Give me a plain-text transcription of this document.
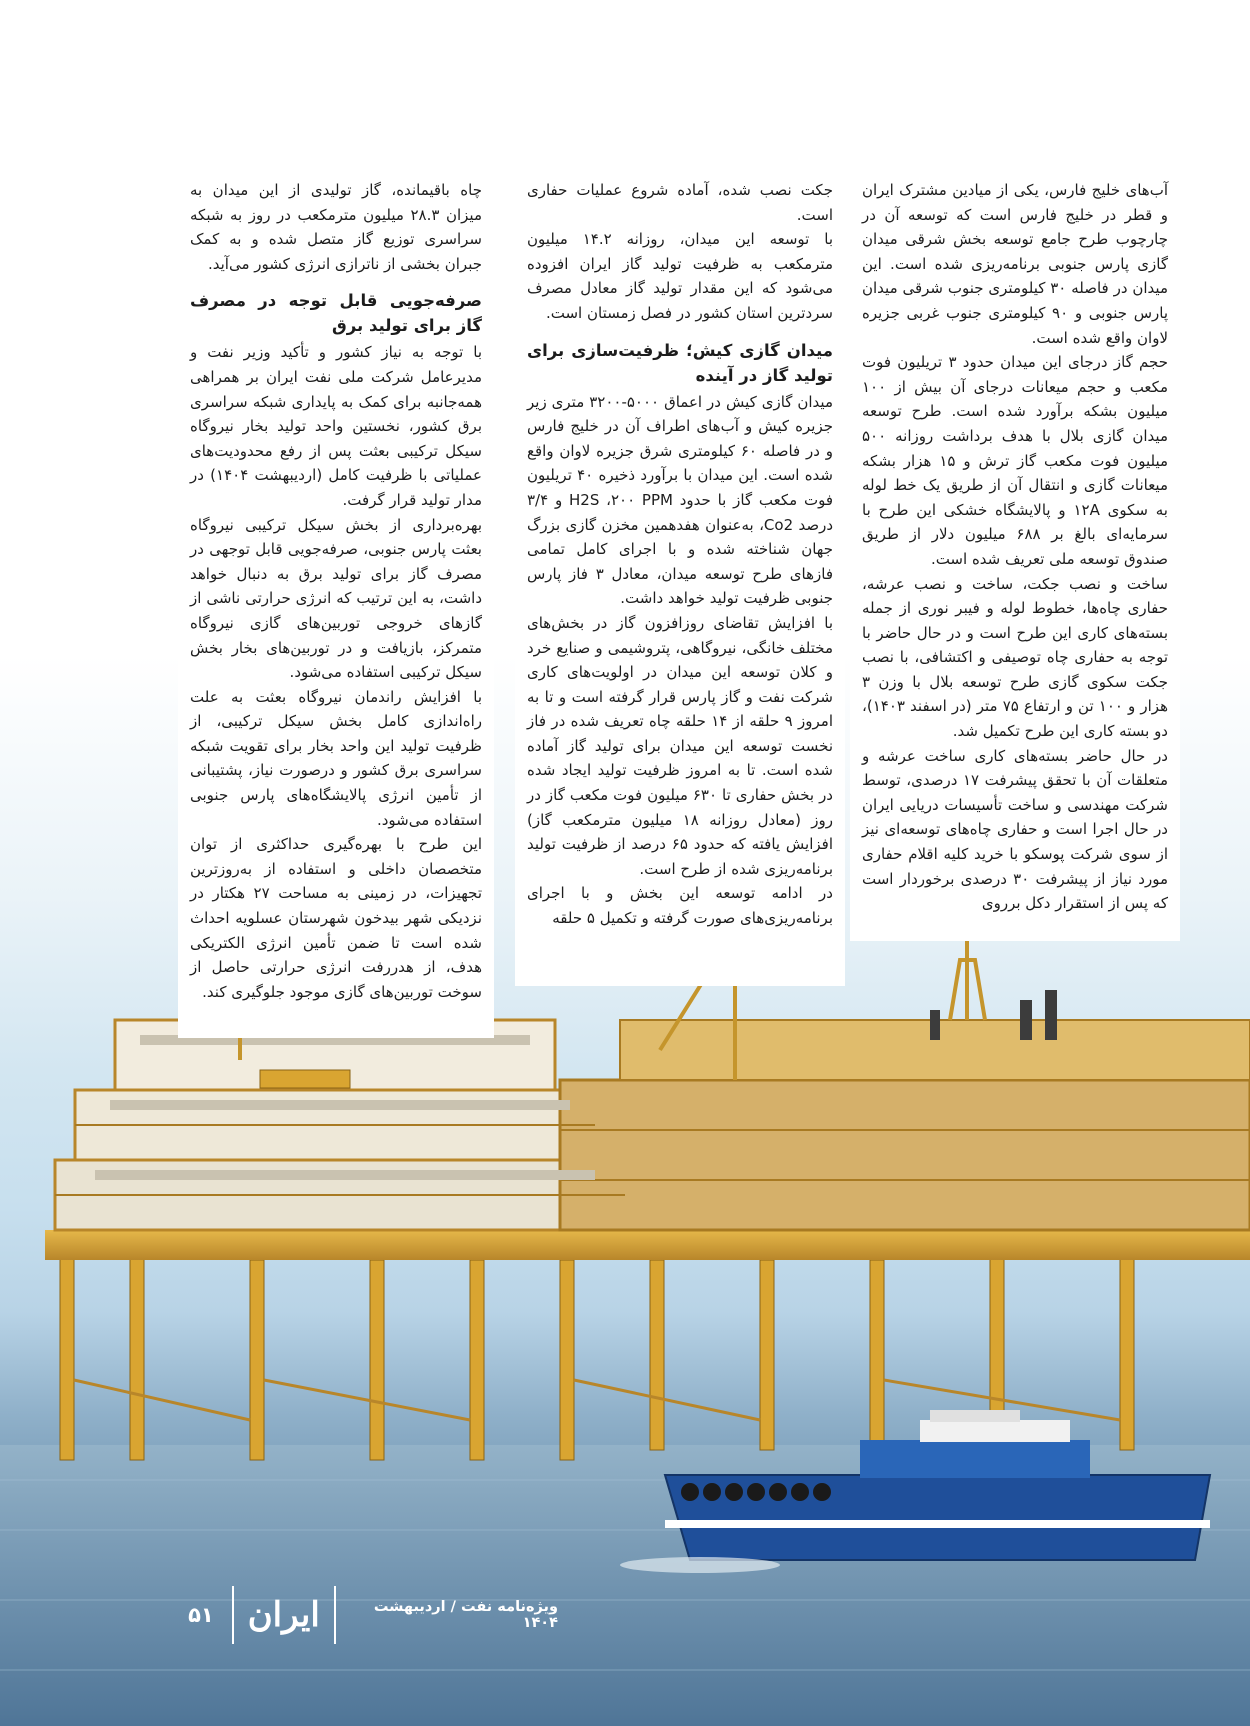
آب‌های خلیج فارس، یکی از میادین مشترک ایران و قطر در خلیج فارس است که توسعه آن در چارچوب طرح جامع توسعه بخش شرقی میدان گازی پارس جنوبی برنامه‌ریزی شده است. این میدان در فاصله ۳۰ کیلومتری جنوب شرقی میدان پارس جنوبی و ۹۰ کیلومتری جنوب غربی جزیره لاوان واقع شده است.

حجم گاز درجای این میدان حدود ۳ تریلیون فوت مکعب و حجم میعانات درجای آن بیش از ۱۰۰ میلیون بشکه برآورد شده است. طرح توسعه میدان گازی بلال با هدف برداشت روزانه ۵۰۰ میلیون فوت مکعب گاز ترش و ۱۵ هزار بشکه میعانات گازی و انتقال آن از طریق یک خط لوله به سکوی ۱۲A و پالایشگاه خشکی این طرح با سرمایه‌ای بالغ بر ۶۸۸ میلیون دلار از طریق صندوق توسعه ملی تعریف شده است.

ساخت و نصب جکت، ساخت و نصب عرشه، حفاری چاه‌ها، خطوط لوله و فیبر نوری از جمله بسته‌های کاری این طرح است و در حال حاضر با توجه به حفاری چاه توصیفی و اکتشافی، با نصب جکت سکوی گازی طرح توسعه بلال با وزن ۳ هزار و ۱۰۰ تن و ارتفاع ۷۵ متر (در اسفند ۱۴۰۳)، دو بسته کاری این طرح تکمیل شد.

در حال حاضر بسته‌های کاری ساخت عرشه و متعلقات آن با تحقق پیشرفت ۱۷ درصدی، توسط شرکت مهندسی و ساخت تأسیسات دریایی ایران در حال اجرا است و حفاری چاه‌های توسعه‌ای نیز از سوی شرکت پوسکو با خرید کلیه اقلام حفاری مورد نیاز از پیشرفت ۳۰ درصدی برخوردار است که پس از استقرار دکل برروی

جکت نصب شده، آماده شروع عملیات حفاری است.

با توسعه این میدان، روزانه ۱۴.۲ میلیون مترمکعب به ظرفیت تولید گاز ایران افزوده می‌شود که این مقدار تولید گاز معادل مصرف سردترین استان کشور در فصل زمستان است.

میدان گازی کیش؛ ظرفیت‌سازی برای تولید گاز در آینده

میدان گازی کیش در اعماق ۵۰۰۰-۳۲۰۰ متری زیر جزیره کیش و آب‌های اطراف آن در خلیج فارس و در فاصله ۶۰ کیلومتری شرق جزیره لاوان واقع شده است. این میدان با برآورد ذخیره ۴۰ تریلیون فوت مکعب گاز با حدود H2S ،۲۰۰ PPM و ۳/۴ درصد Co2، به‌عنوان هفدهمین مخزن گازی بزرگ جهان شناخته شده و با اجرای کامل تمامی فازهای طرح توسعه میدان، معادل ۳ فاز پارس جنوبی ظرفیت تولید خواهد داشت.

با افزایش تقاضای روزافزون گاز در بخش‌های مختلف خانگی، نیروگاهی، پتروشیمی و صنایع خرد و کلان توسعه این میدان در اولویت‌های کاری شرکت نفت و گاز پارس قرار گرفته است و تا به امروز ۹ حلقه از ۱۴ حلقه چاه تعریف شده در فاز نخست توسعه این میدان برای تولید گاز آماده شده است. تا به امروز ظرفیت تولید ایجاد شده در بخش حفاری تا ۶۳۰ میلیون فوت مکعب گاز در روز (معادل روزانه ۱۸ میلیون مترمکعب گاز) افزایش یافته که حدود ۶۵ درصد از ظرفیت تولید برنامه‌ریزی شده از طرح است.

در ادامه توسعه این بخش و با اجرای برنامه‌ریزی‌های صورت گرفته و تکمیل ۵ حلقه

چاه باقیمانده، گاز تولیدی از این میدان به میزان ۲۸.۳ میلیون مترمکعب در روز به شبکه سراسری توزیع گاز متصل شده و به کمک جبران بخشی از ناترازی انرژی کشور می‌آید.

صرفه‌جویی قابل توجه در مصرف گاز برای تولید برق

با توجه به نیاز کشور و تأکید وزیر نفت و مدیرعامل شرکت ملی نفت ایران بر همراهی همه‌جانبه برای کمک به پایداری شبکه سراسری برق کشور، نخستین واحد تولید بخار نیروگاه سیکل ترکیبی بعثت پس از رفع محدودیت‌های عملیاتی با ظرفیت کامل (اردیبهشت ۱۴۰۴) در مدار تولید قرار گرفت.

بهره‌برداری از بخش سیکل ترکیبی نیروگاه بعثت پارس جنوبی، صرفه‌جویی قابل توجهی در مصرف گاز برای تولید برق به دنبال خواهد داشت، به این ترتیب که انرژی حرارتی ناشی از گازهای خروجی توربین‌های گازی نیروگاه متمرکز، بازیافت و در توربین‌های بخار بخش سیکل ترکیبی استفاده می‌شود.

با افزایش راندمان نیروگاه بعثت به علت راه‌اندازی کامل بخش سیکل ترکیبی، از ظرفیت تولید این واحد بخار برای تقویت شبکه سراسری برق کشور و درصورت نیاز، پشتیبانی از تأمین انرژی پالایشگاه‌های پارس جنوبی استفاده می‌شود.

این طرح با بهره‌گیری حداکثری از توان متخصصان داخلی و استفاده از به‌روزترین تجهیزات، در زمینی به مساحت ۲۷ هکتار در نزدیکی شهر بیدخون شهرستان عسلویه احداث شده است تا ضمن تأمین انرژی الکتریکی هدف، از هدررفت انرژی حرارتی حاصل از سوخت توربین‌های گازی موجود جلوگیری کند.

۵۱ ایران	ویژه‌نامه نفت / اردیبهشت ۱۴۰۴
